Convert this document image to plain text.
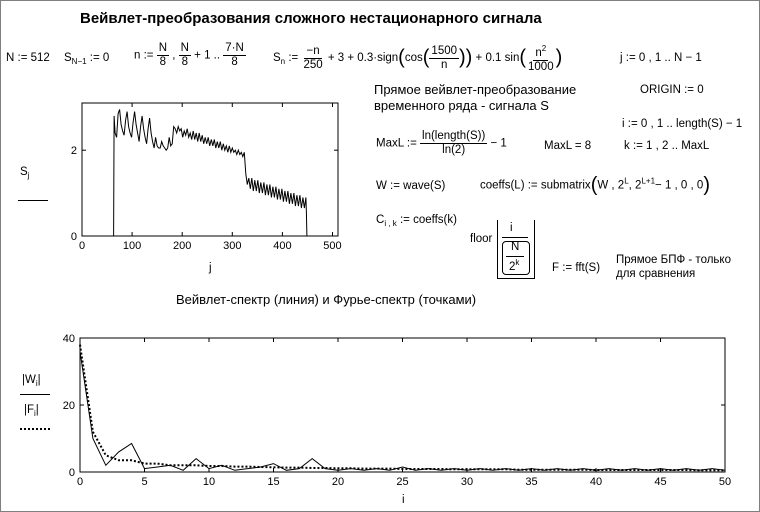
Вейвлет-преобразования сложного нестационарного сигнала
N := 512 $S_{N-1}$ := 0 n := $\frac{N}{8}$ , $\frac{N}{8} + 1$ .. $\frac{7\cdot N}{8} S_n$ := $\frac{-n}{250} + 3$ + 0.3·sign(cos( $\frac{1500}{n}$ )) + 0.1 $\sin( \frac{n^2}{1000}$ )	j := 0 , 1 .. N − 1
Прямое вейвлет-преобразование
временного ряда - сигнала S
ORIGIN := 0
i := 0 , 1 .. length(S) − 1
MaxL := $\frac{\text{ln(length(S))}}{\ln(2)} - 1$	MaxL = 8	k := 1 , 2 .. MaxL
W := wave(S)	coeffs(L) := submatrix(W , $2^L$, $2^{L+1}- 1$ , 0 , 0)
$C_{i , k}$ := coeffs(k)
floor
i
N
2$^k$	F := fft(S)
Прямое БПФ - только
для сравнения
Вейвлет-спектр (линия) и Фурье-спектр (точками)
$S_j$
j
$|W_i|$
$|F_i|$
i
0	100	200	300	400	500
0
2
0	5	10	15	20	25	30	35	40	45	50
0
20
40
